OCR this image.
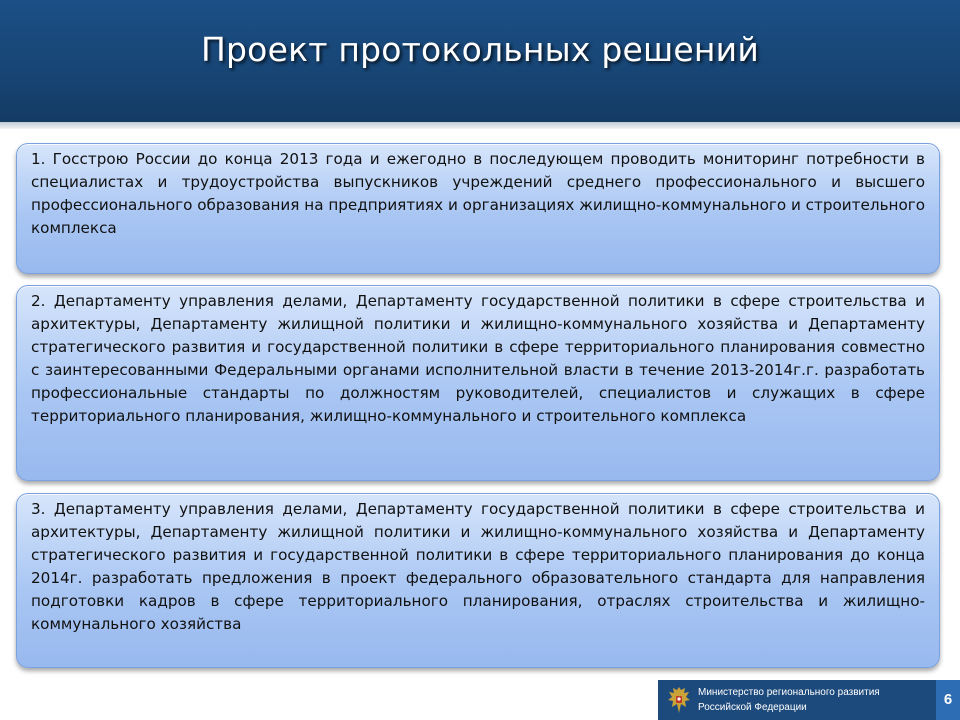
Проект протокольных решений
1. Госстрою России до конца 2013 года и ежегодно в последующем проводить мониторинг потребности в специалистах и трудоустройства выпускников учреждений среднего профессионального и высшего профессионального образования на предприятиях и организациях жилищно-коммунального и строительного комплекса
2. Департаменту управления делами, Департаменту государственной политики в сфере строительства и архитектуры, Департаменту жилищной политики и жилищно-коммунального хозяйства и Департаменту стратегического развития и государственной политики в сфере территориального планирования совместно с заинтересованными Федеральными органами исполнительной власти в течение 2013-2014г.г. разработать профессиональные стандарты по должностям руководителей, специалистов и служащих в сфере территориального планирования, жилищно-коммунального и строительного комплекса
3. Департаменту управления делами, Департаменту государственной политики в сфере строительства и архитектуры, Департаменту жилищной политики и жилищно-коммунального хозяйства и Департаменту стратегического развития и государственной политики в сфере территориального планирования до конца 2014г. разработать предложения в проект федерального образовательного стандарта для направления подготовки кадров в сфере территориального планирования, отраслях строительства и жилищно-коммунального хозяйства
Министерство регионального развития
Российской Федерации	6
